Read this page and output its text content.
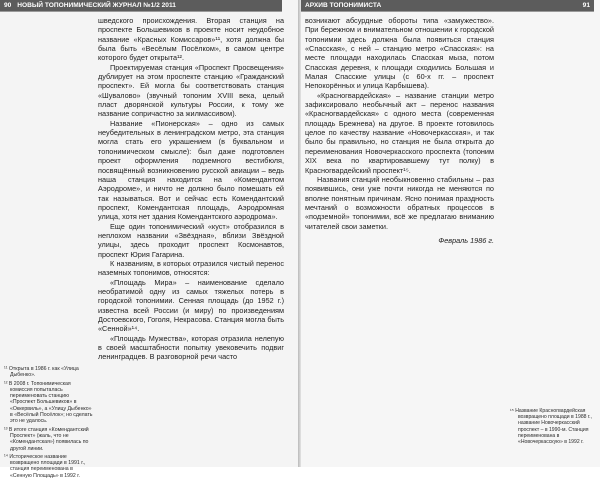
90 НОВЫЙ ТОПОНИМИЧЕСКИЙ ЖУРНАЛ №1/2 2011

шведского происхождения. Вторая станция на проспекте Большевиков в проекте носит неудобное название «Красных Комиссаров»¹¹, хотя должна бы была быть «Весёлым Посёлком», в самом центре которого будет открыта¹².

Проектируемая станция «Проспект Просвещения» дублирует на этом проспекте станцию «Гражданский проспект». Ей могла бы соответствовать станция «Шувалово» (звучный топоним XVIII века, целый пласт дворянской культуры России, к тому же название сопричастно за жилмассивом).

Название «Пионерская» – одно из самых неубедительных в ленинградском метро, эта станция могла стать его украшением (в буквальном и топонимическом смысле): был даже подготовлен проект оформления подземного вестибюля, посвящённый возникновению русской авиации – ведь наша станция находится на «Комендантом Аэродроме», и ничто не должно было помешать ей так называться. Вот и сейчас есть Комендантский проспект, Комендантская площадь, Аэродромная улица, хотя нет здания Комендантского аэродрома».

Еще один топонимический «куст» отобразился в неплохом названии «Звёздная», вблизи Звёздной улицы, здесь проходит проспект Космонавтов, проспект Юрия Гагарина.

К названиям, в которых отразился чистый перенос наземных топонимов, относятся:

«Площадь Мира» – наименование сделало необратимой одну из самых тяжелых потерь в городской топонимии. Сенная площадь (до 1952 г.) известна всей России (и миру) по произведениям Достоевского, Гоголя, Некрасова. Станция могла быть «Сенной»¹⁴.

«Площадь Мужества», которая отразила нелепую в своей масштабности попытку увековечить подвиг ленинградцев. В разговорной речи часто

¹¹ Открыта в 1986 г. как «Улица Дыбенко».

¹² В 2008 г. Топонимическая комиссия попыталась переименовать станцию «Проспект Большевиков» в «Оккервиль», а «Улицу Дыбенко» в «Весёлый Посёлок»; но сделать это не удалось.

¹³ В итоге станция «Комендантский Проспект» (жаль, что не «Комендантская») появилась по другой линии.

¹⁴ Историческое название возвращено площади в 1991 г., станция переименована в «Сенную Площадь» в 1992 г.

АРХИВ ТОПОНИМИСТА	91

возникают абсурдные обороты типа «замужество». При бережном и внимательном отношении к городской топонимии здесь должна была появиться станция «Спасская», с ней – станцию метро «Спасская»: на месте площади находилась Спасская мыза, потом Спасская деревня, к площади сходились Большая и Малая Спасские улицы (с 60-х гг. – проспект Непокорённых и улица Карбышева).

«Красногвардейская» – название станции метро зафиксировало необычный акт – перенос названия «Красногвардейская» с одного места (современная площадь Брежнева) на другое. В проекте готовилось целое по качеству название «Новочеркасская», и так было бы правильно, но станция не была открыта до переименования Новочеркасского проспекта (топоним XIX века по квартировавшему тут полку) в Красногвардейский проспект¹⁵.

Названия станций необыкновенно стабильны – раз появившись, они уже почти никогда не меняются по вполне понятным причинам. Ясно понимая праздность мечтаний о возможности обратных процессов в «подземной» топонимии, всё же предлагаю вниманию читателей свои заметки.

Февраль 1986 г.

¹⁵ Название Красногвардейская возвращено площади в 1988 г., название Новочеркасский проспект – в 1990-м. Станция переименована в «Новочеркасскую» в 1992 г.
